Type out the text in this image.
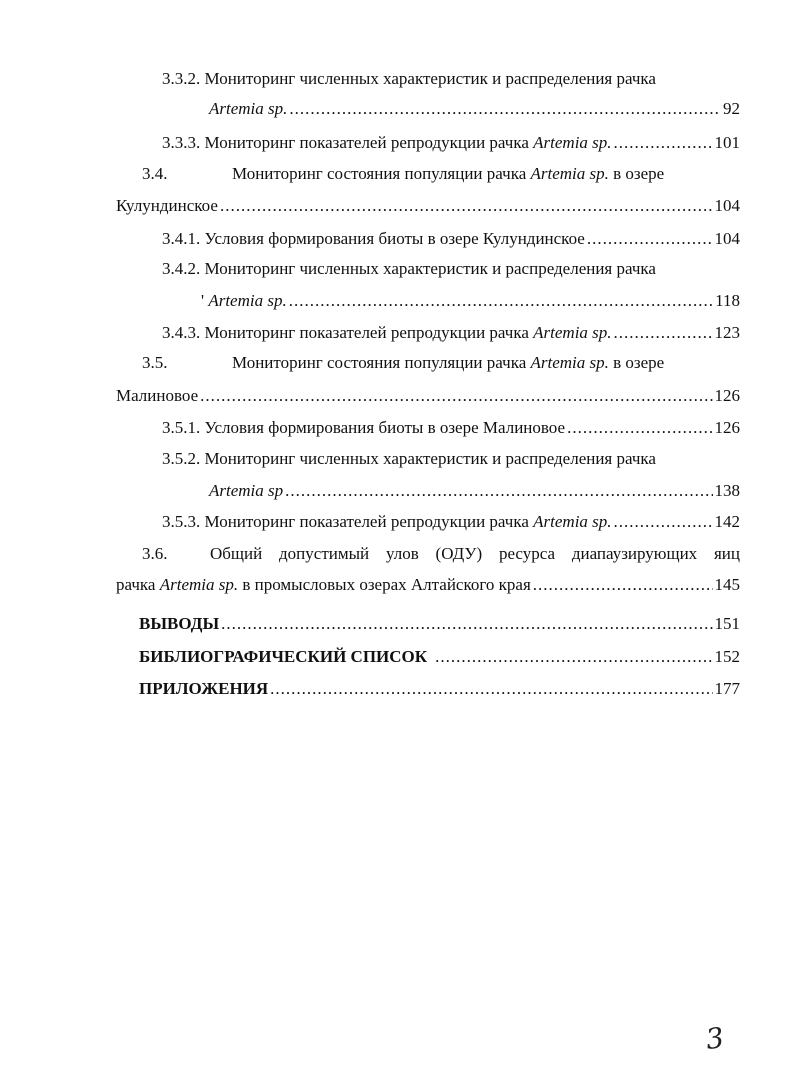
3.3.2. Мониторинг численных характеристик и распределения рачка
Artemia sp. .....	92
3.3.3.
Мониторинг показателей репродукции рачка
Artemia sp. .....	101
3.4.	Мониторинг состояния популяции рачка Artemia sp. в озере
Кулундинское .....	104
3.4.1.
Условия формирования биоты в озере Кулундинское .....	104
3.4.2. Мониторинг численных характеристик и распределения рачка
'
Artemia sp. .....	118
3.4.3.
Мониторинг показателей репродукции рачка
Artemia sp. .....	123
3.5.	Мониторинг состояния популяции рачка Artemia sp. в озере
Малиновое .....	126
3.5.1.
Условия формирования биоты в озере Малиновое .....	126
3.5.2. Мониторинг численных характеристик и распределения рачка
Artemia sp .....	138
3.5.3.
Мониторинг показателей репродукции рачка
Artemia sp. .....	142
3.6.	Общий допустимый улов (ОДУ) ресурса диапаузирующих яиц
рачка
Artemia sp.
в промысловых озерах Алтайского края .....	145
ВЫВОДЫ .....	151
БИБЛИОГРАФИЧЕСКИЙ СПИСОК .....	152
ПРИЛОЖЕНИЯ .....	177
3
